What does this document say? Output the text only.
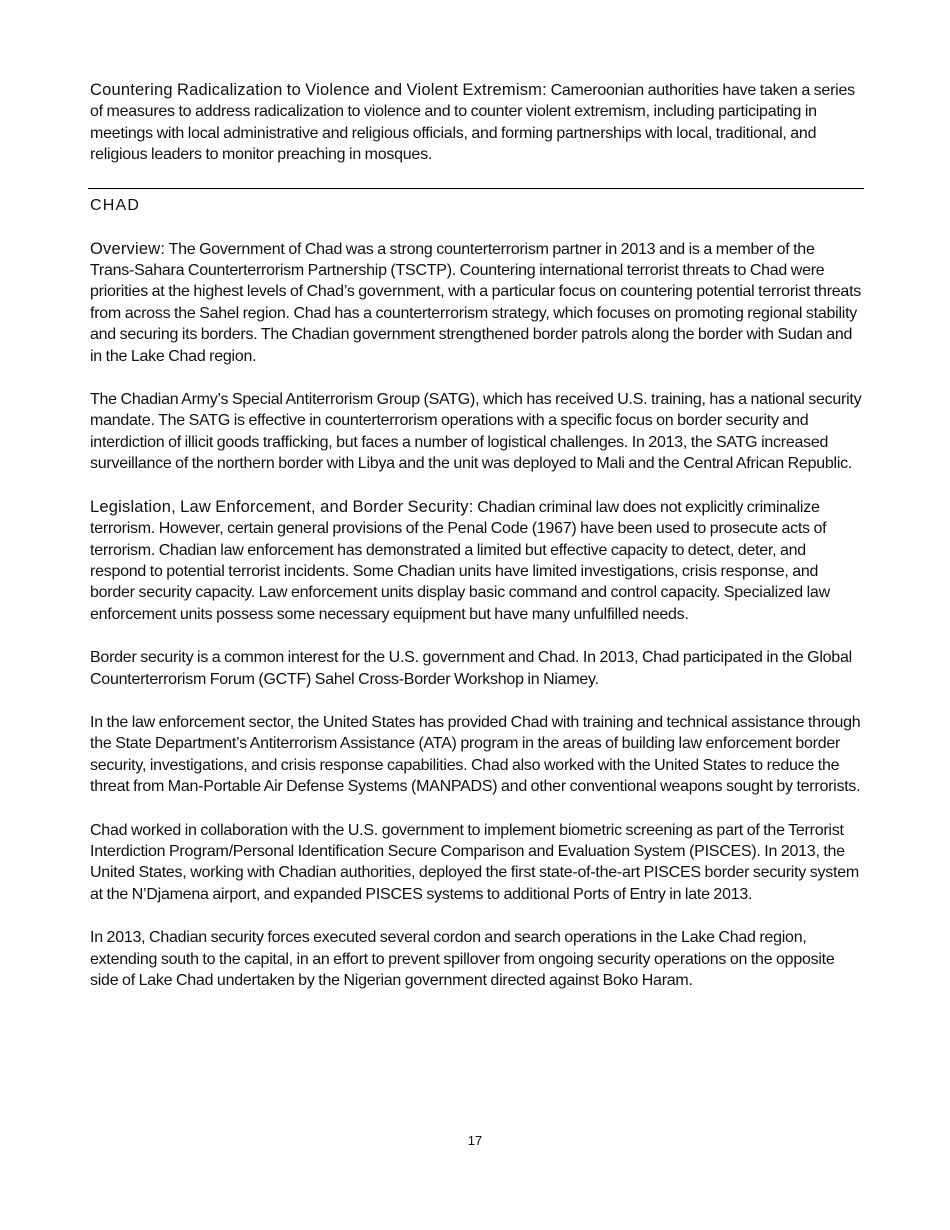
Countering Radicalization to Violence and Violent Extremism: Cameroonian authorities have taken a series of measures to address radicalization to violence and to counter violent extremism, including participating in meetings with local administrative and religious officials, and forming partnerships with local, traditional, and religious leaders to monitor preaching in mosques.

CHAD

Overview: The Government of Chad was a strong counterterrorism partner in 2013 and is a member of the Trans-Sahara Counterterrorism Partnership (TSCTP). Countering international terrorist threats to Chad were priorities at the highest levels of Chad’s government, with a particular focus on countering potential terrorist threats from across the Sahel region. Chad has a counterterrorism strategy, which focuses on promoting regional stability and securing its borders. The Chadian government strengthened border patrols along the border with Sudan and in the Lake Chad region.

The Chadian Army’s Special Antiterrorism Group (SATG), which has received U.S. training, has a national security mandate. The SATG is effective in counterterrorism operations with a specific focus on border security and interdiction of illicit goods trafficking, but faces a number of logistical challenges. In 2013, the SATG increased surveillance of the northern border with Libya and the unit was deployed to Mali and the Central African Republic.

Legislation, Law Enforcement, and Border Security: Chadian criminal law does not explicitly criminalize terrorism. However, certain general provisions of the Penal Code (1967) have been used to prosecute acts of terrorism. Chadian law enforcement has demonstrated a limited but effective capacity to detect, deter, and respond to potential terrorist incidents. Some Chadian units have limited investigations, crisis response, and border security capacity. Law enforcement units display basic command and control capacity. Specialized law enforcement units possess some necessary equipment but have many unfulfilled needs.

Border security is a common interest for the U.S. government and Chad. In 2013, Chad participated in the Global Counterterrorism Forum (GCTF) Sahel Cross-Border Workshop in Niamey.

In the law enforcement sector, the United States has provided Chad with training and technical assistance through the State Department’s Antiterrorism Assistance (ATA) program in the areas of building law enforcement border security, investigations, and crisis response capabilities. Chad also worked with the United States to reduce the threat from Man-Portable Air Defense Systems (MANPADS) and other conventional weapons sought by terrorists.

Chad worked in collaboration with the U.S. government to implement biometric screening as part of the Terrorist Interdiction Program/Personal Identification Secure Comparison and Evaluation System (PISCES). In 2013, the United States, working with Chadian authorities, deployed the first state-of-the-art PISCES border security system at the N’Djamena airport, and expanded PISCES systems to additional Ports of Entry in late 2013.

In 2013, Chadian security forces executed several cordon and search operations in the Lake Chad region, extending south to the capital, in an effort to prevent spillover from ongoing security operations on the opposite side of Lake Chad undertaken by the Nigerian government directed against Boko Haram.

17
